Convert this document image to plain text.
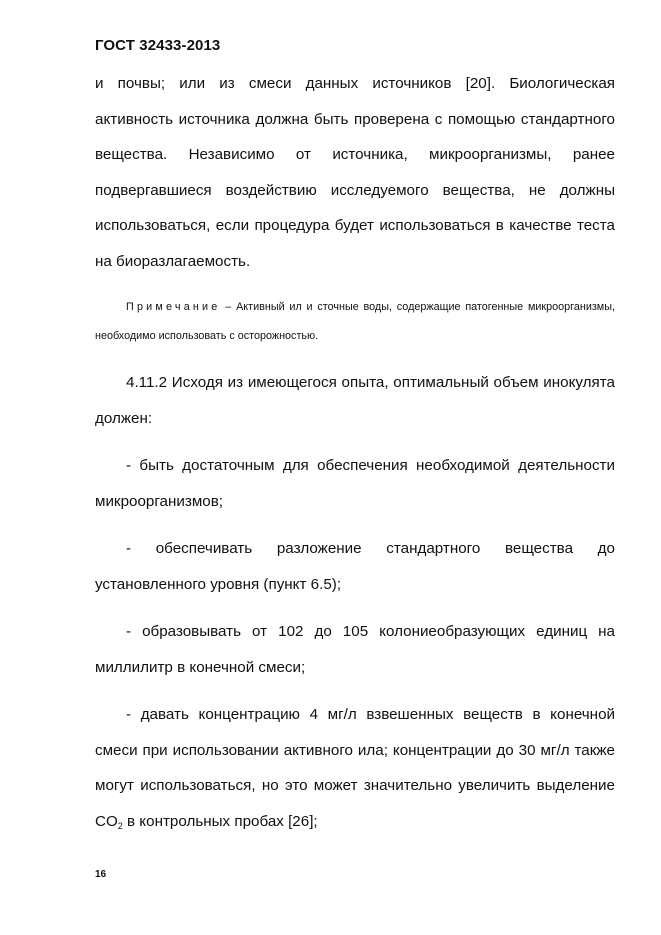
ГОСТ 32433-2013

и почвы; или из смеси данных источников [20]. Биологическая активность источника должна быть проверена с помощью стандартного вещества. Независимо от источника, микроорганизмы, ранее подвергавшиеся воздействию исследуемого вещества, не должны использоваться, если процедура будет использоваться в качестве теста на биоразлагаемость.

Примечание – Активный ил и сточные воды, содержащие патогенные микроорганизмы, необходимо использовать с осторожностью.

4.11.2 Исходя из имеющегося опыта, оптимальный объем инокулята должен:

- быть достаточным для обеспечения необходимой деятельности микроорганизмов;

- обеспечивать разложение стандартного вещества до установленного уровня (пункт 6.5);

- образовывать от 102 до 105 колониеобразующих единиц на миллилитр в конечной смеси;

- давать концентрацию 4 мг/л взвешенных веществ в конечной смеси при использовании активного ила; концентрации до 30 мг/л также могут использоваться, но это может значительно увеличить выделение $CO_2$ в контрольных пробах [26];

16
